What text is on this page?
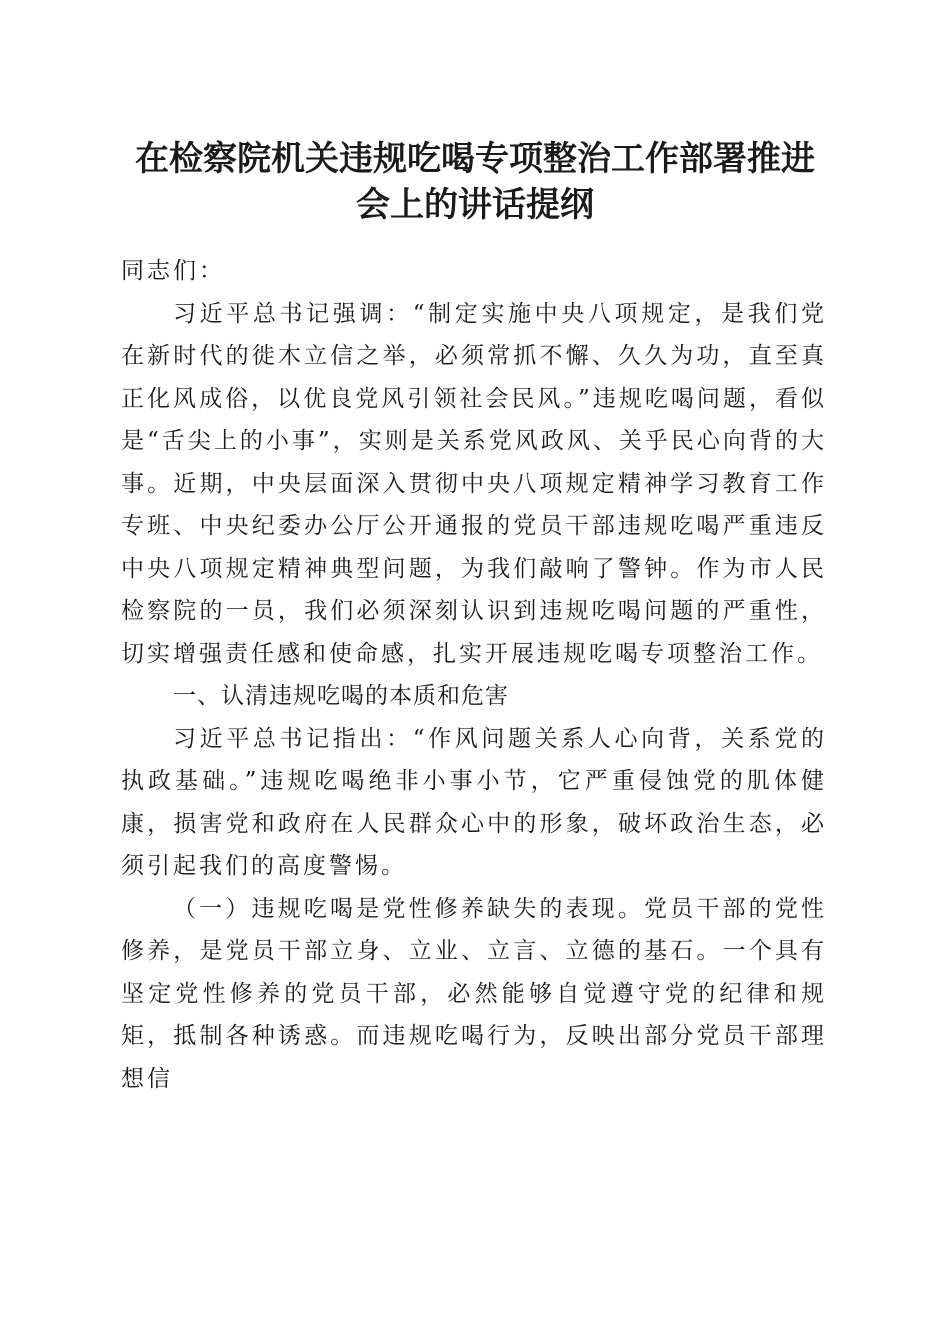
在检察院机关违规吃喝专项整治工作部署推进
会上的讲话提纲

同志们：

习近平总书记强调：“制定实施中央八项规定，是我们党在新时代的徙木立信之举，必须常抓不懈、久久为功，直至真正化风成俗，以优良党风引领社会民风。”违规吃喝问题，看似是“舌尖上的小事”，实则是关系党风政风、关乎民心向背的大事。近期，中央层面深入贯彻中央八项规定精神学习教育工作专班、中央纪委办公厅公开通报的党员干部违规吃喝严重违反中央八项规定精神典型问题，为我们敲响了警钟。作为市人民检察院的一员，我们必须深刻认识到违规吃喝问题的严重性，切实增强责任感和使命感，扎实开展违规吃喝专项整治工作。

一、认清违规吃喝的本质和危害

习近平总书记指出：“作风问题关系人心向背，关系党的执政基础。”违规吃喝绝非小事小节，它严重侵蚀党的肌体健康，损害党和政府在人民群众心中的形象，破坏政治生态，必须引起我们的高度警惕。

（一）违规吃喝是党性修养缺失的表现。党员干部的党性修养，是党员干部立身、立业、立言、立德的基石。一个具有坚定党性修养的党员干部，必然能够自觉遵守党的纪律和规矩，抵制各种诱惑。而违规吃喝行为，反映出部分党员干部理想信
